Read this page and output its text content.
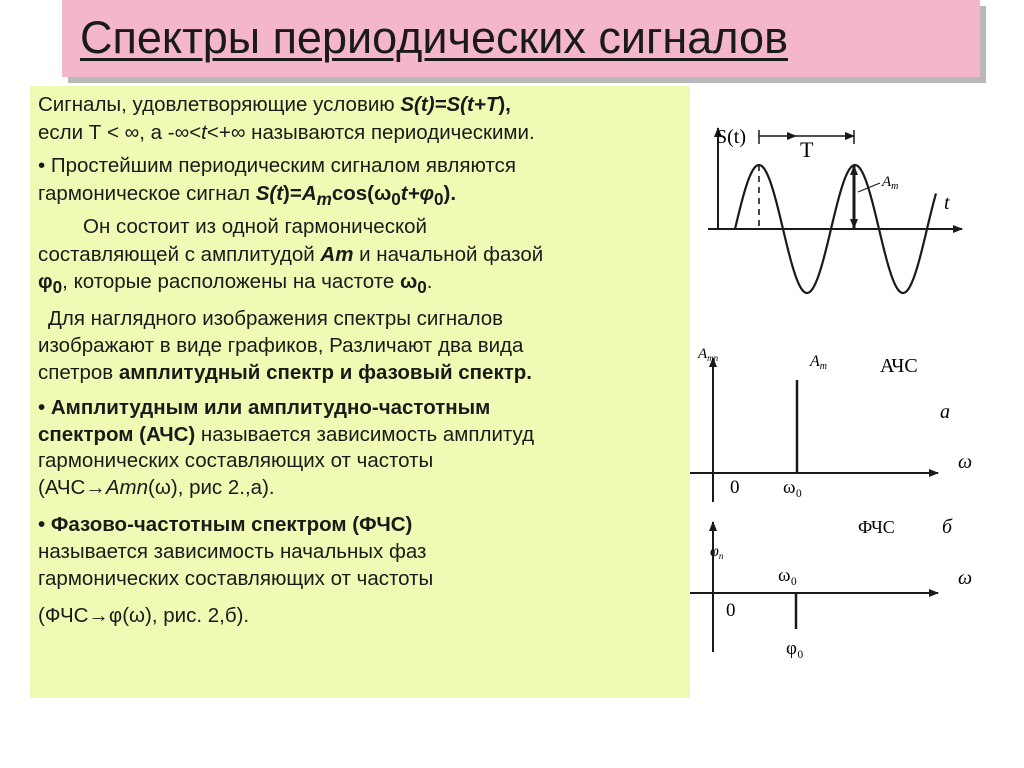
Спектры периодических сигналов
Сигналы, удовлетворяющие условию S(t)=S(t+T),
если Т < ∞, а -∞<t<+∞ называются периодическими.
• Простейшим периодическим сигналом являются
гармоническое сигнал $S(t)=A_m\cos(\omega_0t+\varphi_0)$.
Он состоит из одной гармонической
составляющей с амплитудой Am и начальной фазой
$\varphi_0$, которые расположены на частоте $\omega_0$.
Для наглядного изображения спектры сигналов
изображают в виде графиков, Различают два вида
спетров амплитудный спектр и фазовый спектр.
• Амплитудным или амплитудно-частотным
спектром (АЧС) называется зависимость амплитуд
гармонических составляющих от частоты
(АЧС→Amn(ω), рис 2.,а).
• Фазово-частотным спектром (ФЧС)
называется зависимость начальных фаз
гармонических составляющих от частоты
(ФЧС→φ(ω), рис. 2,б).
S(t) T
$A_m$
t
$A_{mn}$	Am	АЧС
a
ω
0 ω₀
φn
ФЧС б
ω
0
ω₀
φ₀
